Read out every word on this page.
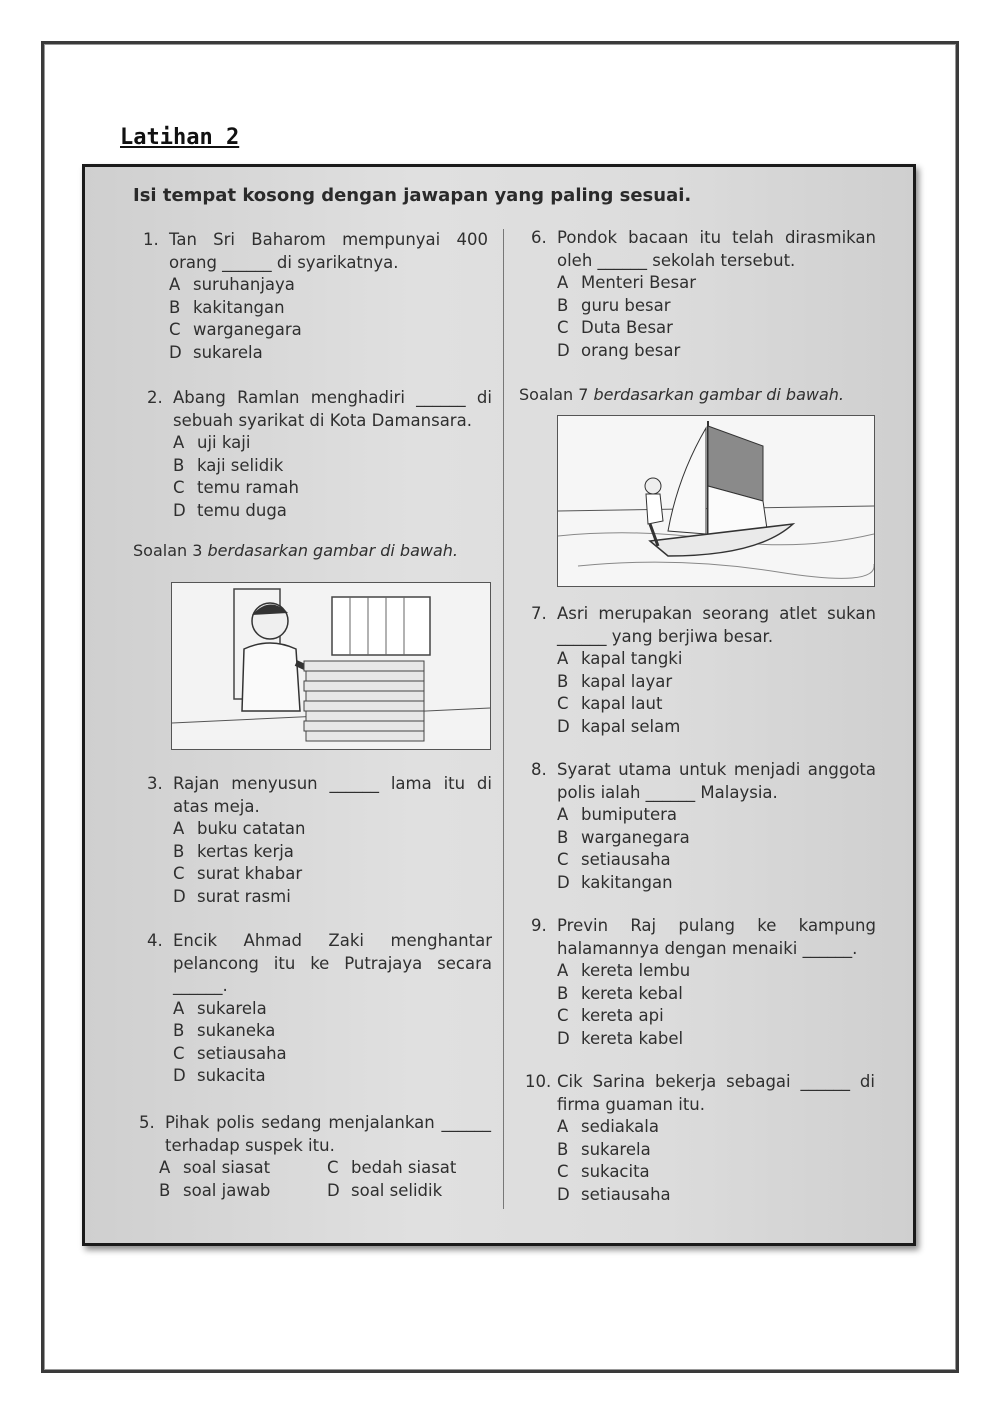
Latihan 2
Isi tempat kosong dengan jawapan yang paling sesuai.
1. Tan Sri Baharom mempunyai 400 orang ______ di syarikatnya.
A suruhanjaya
B kakitangan
C warganegara
D sukarela
2. Abang Ramlan menghadiri ______ di sebuah syarikat di Kota Damansara.
A uji kaji
B kaji selidik
C temu ramah
D temu duga
Soalan 3 berdasarkan gambar di bawah.
3. Rajan menyusun ______ lama itu di atas meja.
A buku catatan
B kertas kerja
C surat khabar
D surat rasmi
4. Encik Ahmad Zaki menghantar pelancong itu ke Putrajaya secara ______.
A sukarela
B sukaneka
C setiausaha
D sukacita
5. Pihak polis sedang menjalankan ______ terhadap suspek itu.
A soal siasat	C bedah siasat
B soal jawab	D soal selidik
6. Pondok bacaan itu telah dirasmikan oleh ______ sekolah tersebut.
A Menteri Besar
B guru besar
C Duta Besar
D orang besar
Soalan 7 berdasarkan gambar di bawah.
7. Asri merupakan seorang atlet sukan ______ yang berjiwa besar.
A kapal tangki
B kapal layar
C kapal laut
D kapal selam
8. Syarat utama untuk menjadi anggota polis ialah ______ Malaysia.
A bumiputera
B warganegara
C setiausaha
D kakitangan
9. Previn Raj pulang ke kampung halamannya dengan menaiki ______.
A kereta lembu
B kereta kebal
C kereta api
D kereta kabel
10. Cik Sarina bekerja sebagai ______ di firma guaman itu.
A sediakala
B sukarela
C sukacita
D setiausaha
